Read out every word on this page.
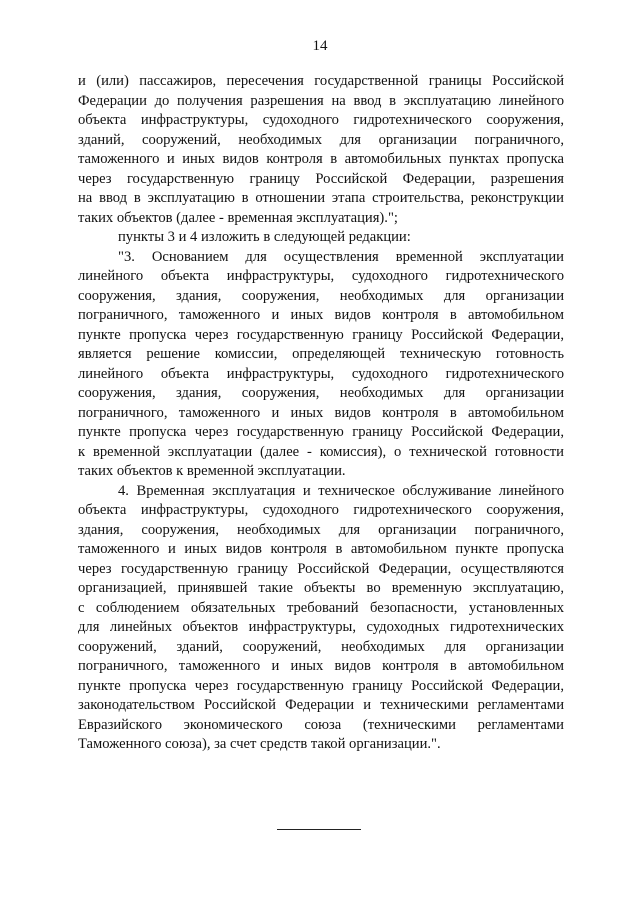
14
и (или) пассажиров, пересечения государственной границы Российской
Федерации до получения разрешения на ввод в эксплуатацию линейного
объекта инфраструктуры, судоходного гидротехнического сооружения,
зданий, сооружений, необходимых для организации пограничного,
таможенного и иных видов контроля в автомобильных пунктах пропуска
через государственную границу Российской Федерации, разрешения
на ввод в эксплуатацию в отношении этапа строительства, реконструкции
таких объектов (далее - временная эксплуатация).";
пункты 3 и 4 изложить в следующей редакции:
"3. Основанием для осуществления временной эксплуатации
линейного объекта инфраструктуры, судоходного гидротехнического
сооружения, здания, сооружения, необходимых для организации
пограничного, таможенного и иных видов контроля в автомобильном
пункте пропуска через государственную границу Российской Федерации,
является решение комиссии, определяющей техническую готовность
линейного объекта инфраструктуры, судоходного гидротехнического
сооружения, здания, сооружения, необходимых для организации
пограничного, таможенного и иных видов контроля в автомобильном
пункте пропуска через государственную границу Российской Федерации,
к временной эксплуатации (далее - комиссия), о технической готовности
таких объектов к временной эксплуатации.
4. Временная эксплуатация и техническое обслуживание линейного
объекта инфраструктуры, судоходного гидротехнического сооружения,
здания, сооружения, необходимых для организации пограничного,
таможенного и иных видов контроля в автомобильном пункте пропуска
через государственную границу Российской Федерации, осуществляются
организацией, принявшей такие объекты во временную эксплуатацию,
с соблюдением обязательных требований безопасности, установленных
для линейных объектов инфраструктуры, судоходных гидротехнических
сооружений, зданий, сооружений, необходимых для организации
пограничного, таможенного и иных видов контроля в автомобильном
пункте пропуска через государственную границу Российской Федерации,
законодательством Российской Федерации и техническими регламентами
Евразийского экономического союза (техническими регламентами
Таможенного союза), за счет средств такой организации.".
